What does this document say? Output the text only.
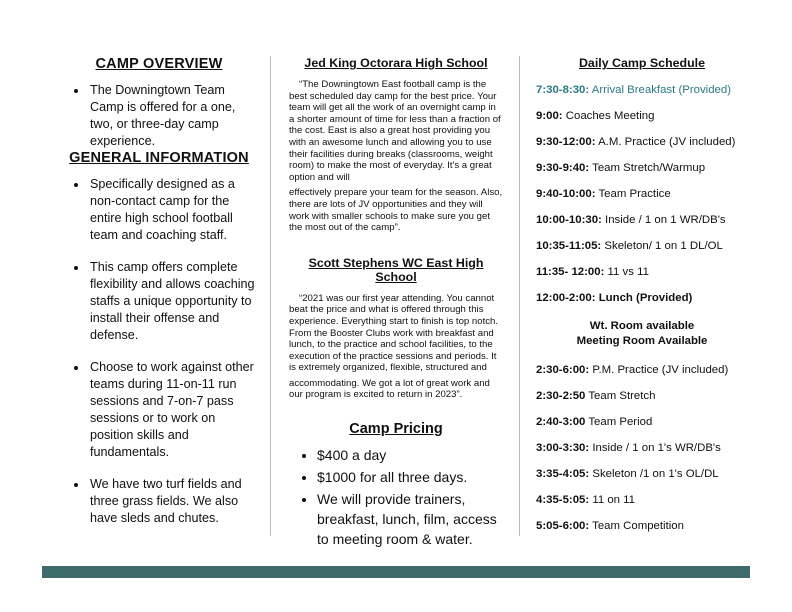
CAMP OVERVIEW
• The Downingtown Team Camp is offered for a one, two, or three-day camp experience.
GENERAL INFORMATION
• Specifically designed as a non-contact camp for the entire high school football team and coaching staff.
• This camp offers complete flexibility and allows coaching staffs a unique opportunity to install their offense and defense.
• Choose to work against other teams during 11-on-11 run sessions and 7-on-7 pass sessions or to work on position skills and fundamentals.
• We have two turf fields and three grass fields. We also have sleds and chutes.
Jed King Octorara High School

“The Downingtown East football camp is the best scheduled day camp for the best price. Your team will get all the work of an overnight camp in a shorter amount of time for less than a fraction of the cost. East is also a great host providing you with an awesome lunch and allowing you to use their facilities during breaks (classrooms, weight room) to make the most of everyday. It's a great option and will

effectively prepare your team for the season. Also, there are lots of JV opportunities and they will work with smaller schools to make sure you get the most out of the camp”.

Scott Stephens WC East High School

“2021 was our first year attending. You cannot beat the price and what is offered through this experience. Everything start to finish is top notch. From the Booster Clubs work with breakfast and lunch, to the practice and school facilities, to the execution of the practice sessions and periods. It is extremely organized, flexible, structured and

accommodating. We got a lot of great work and our program is excited to return in 2023”.

Camp Pricing
• $400 a day
• $1000 for all three days.
• We will provide trainers, breakfast, lunch, film, access to meeting room & water.
Daily Camp Schedule
7:30-8:30: Arrival Breakfast (Provided)
9:00: Coaches Meeting
9:30-12:00: A.M. Practice (JV included)
9:30-9:40: Team Stretch/Warmup
9:40-10:00: Team Practice
10:00-10:30: Inside / 1 on 1 WR/DB's
10:35-11:05: Skeleton/ 1 on 1 DL/OL
11:35- 12:00: 11 vs 11
12:00-2:00: Lunch (Provided)
Wt. Room available
Meeting Room Available
2:30-6:00: P.M. Practice (JV included)
2:30-2:50 Team Stretch
2:40-3:00 Team Period
3:00-3:30: Inside / 1 on 1's WR/DB's
3:35-4:05: Skeleton /1 on 1's OL/DL
4:35-5:05: 11 on 11
5:05-6:00: Team Competition
